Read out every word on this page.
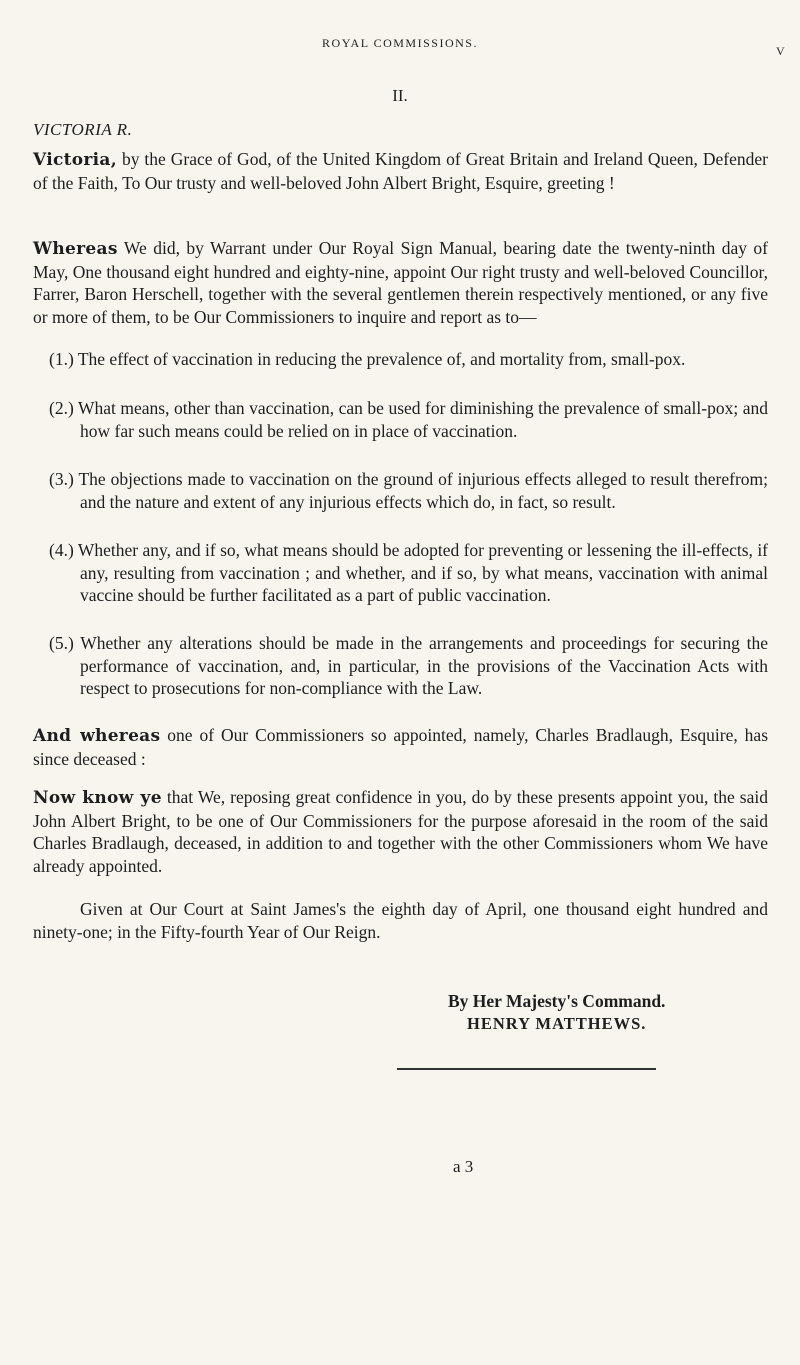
ROYAL COMMISSIONS.
V
II.
VICTORIA R.

Victoria, by the Grace of God, of the United Kingdom of Great Britain and Ireland Queen, Defender of the Faith, To Our trusty and well-beloved John Albert Bright, Esquire, greeting !

Whereas We did, by Warrant under Our Royal Sign Manual, bearing date the twenty-ninth day of May, One thousand eight hundred and eighty-nine, appoint Our right trusty and well-beloved Councillor, Farrer, Baron Herschell, together with the several gentlemen therein respectively mentioned, or any five or more of them, to be Our Commissioners to inquire and report as to—

(1.) The effect of vaccination in reducing the prevalence of, and mortality from, small-pox.
(2.) What means, other than vaccination, can be used for diminishing the prevalence of small-pox; and how far such means could be relied on in place of vaccination.
(3.) The objections made to vaccination on the ground of injurious effects alleged to result therefrom; and the nature and extent of any injurious effects which do, in fact, so result.
(4.) Whether any, and if so, what means should be adopted for preventing or lessening the ill-effects, if any, resulting from vaccination ; and whether, and if so, by what means, vaccination with animal vaccine should be further facilitated as a part of public vaccination.
(5.) Whether any alterations should be made in the arrangements and proceedings for securing the performance of vaccination, and, in particular, in the provisions of the Vaccination Acts with respect to prosecutions for non-compliance with the Law.

And whereas one of Our Commissioners so appointed, namely, Charles Bradlaugh, Esquire, has since deceased :

Now know ye that We, reposing great confidence in you, do by these presents appoint you, the said John Albert Bright, to be one of Our Commissioners for the purpose aforesaid in the room of the said Charles Bradlaugh, deceased, in addition to and together with the other Commissioners whom We have already appointed.

Given at Our Court at Saint James's the eighth day of April, one thousand eight hundred and ninety-one; in the Fifty-fourth Year of Our Reign.
By Her Majesty's Command.
HENRY MATTHEWS.
a 3
